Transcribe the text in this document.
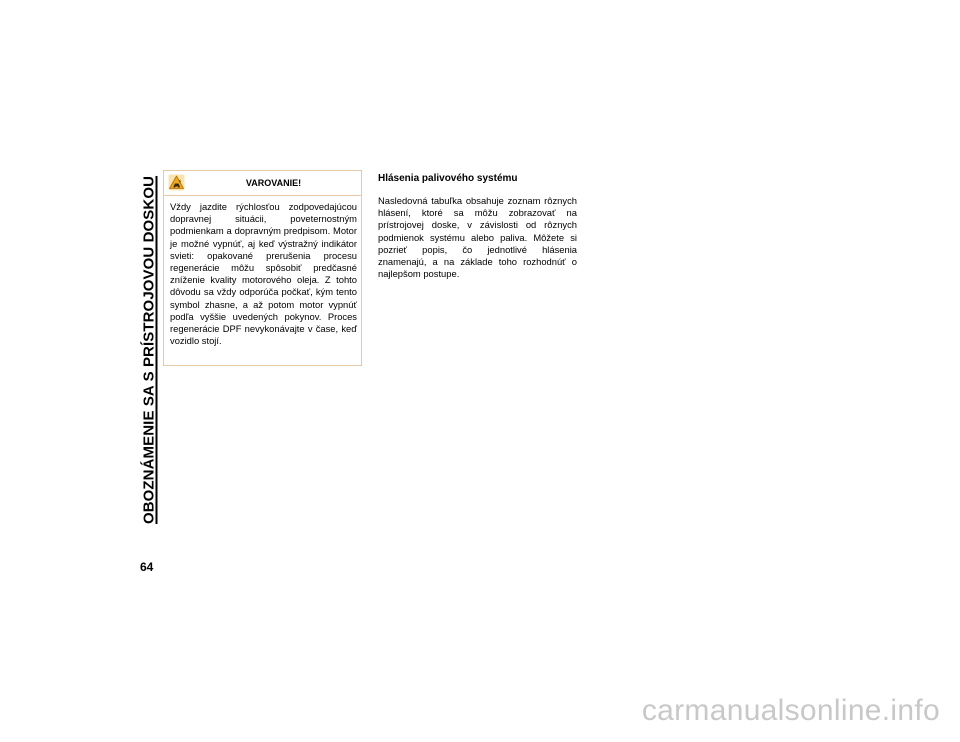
OBOZNÁMENIE SA S PRÍSTROJOVOU DOSKOU
64
VAROVANIE!
Vždy jazdite rýchlosťou zodpovedajúcou dopravnej situácii, poveternostným podmienkam a dopravným predpisom. Motor je možné vypnúť, aj keď výstražný indikátor svieti: opakované prerušenia procesu regenerácie môžu spôsobiť predčasné zníženie kvality motorového oleja. Z tohto dôvodu sa vždy odporúča počkať, kým tento symbol zhasne, a až potom motor vypnúť podľa vyššie uvedených pokynov. Proces regenerácie DPF nevykonávajte v čase, keď vozidlo stojí.
Hlásenia palivového systému

Nasledovná tabuľka obsahuje zoznam rôznych hlásení, ktoré sa môžu zobrazovať na prístrojovej doske, v závislosti od rôznych podmienok systému alebo paliva. Môžete si pozrieť popis, čo jednotlivé hlásenia znamenajú, a na základe toho rozhodnúť o najlepšom postupe.

carmanualsonline.info
